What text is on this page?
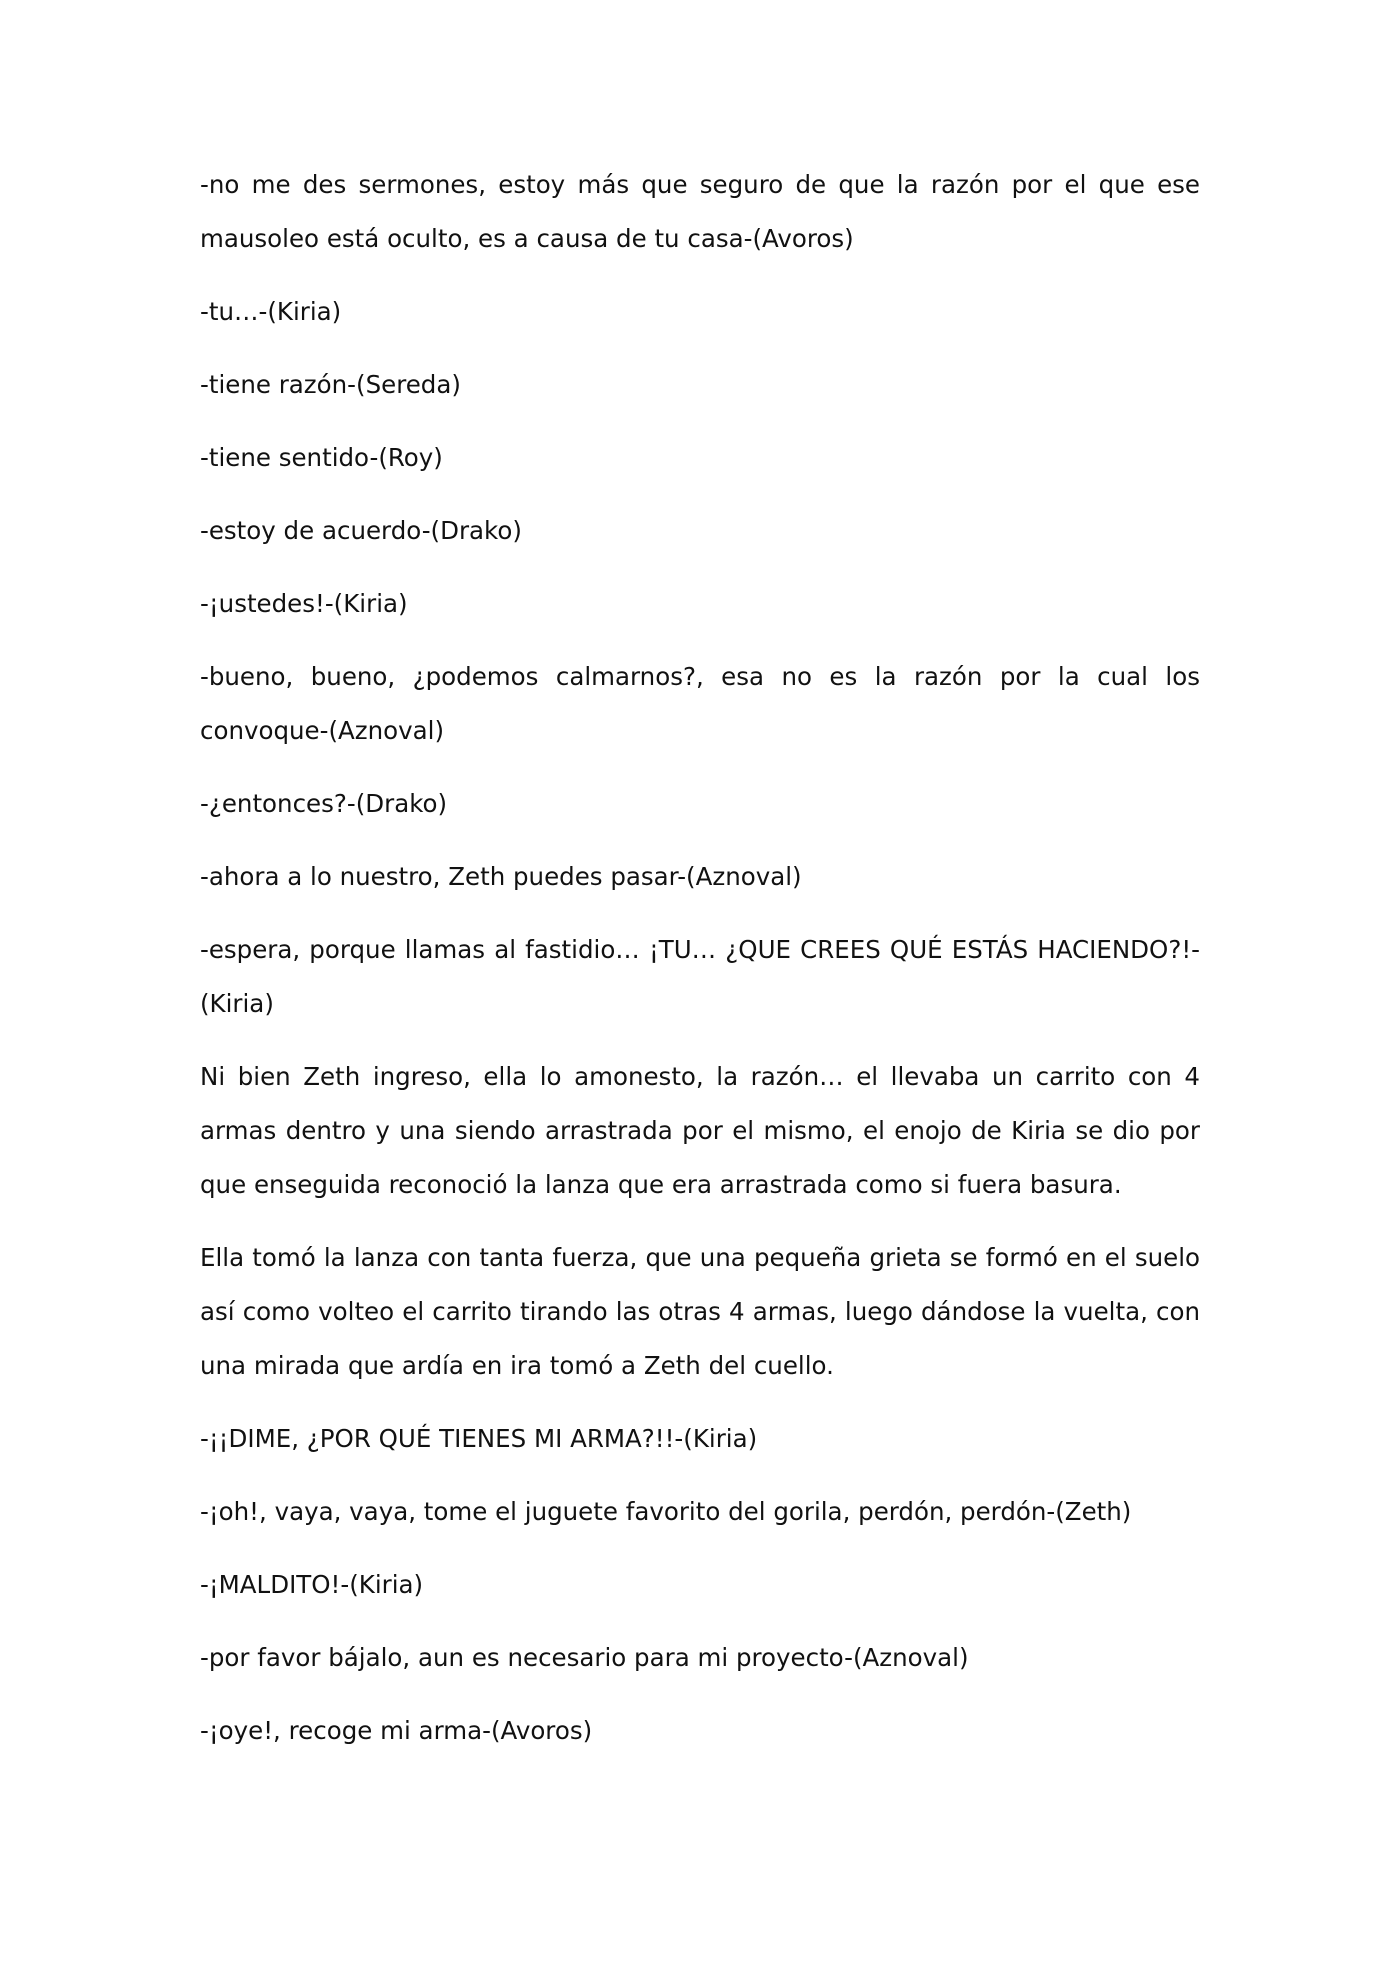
-no me des sermones, estoy más que seguro de que la razón por el que ese mausoleo está oculto, es a causa de tu casa-(Avoros)

-tu…-(Kiria)

-tiene razón-(Sereda)

-tiene sentido-(Roy)

-estoy de acuerdo-(Drako)

-¡ustedes!-(Kiria)

-bueno, bueno, ¿podemos calmarnos?, esa no es la razón por la cual los convoque-(Aznoval)

-¿entonces?-(Drako)

-ahora a lo nuestro, Zeth puedes pasar-(Aznoval)

-espera, porque llamas al fastidio… ¡TU… ¿QUE CREES QUÉ ESTÁS HACIENDO?!-(Kiria)

Ni bien Zeth ingreso, ella lo amonesto, la razón… el llevaba un carrito con 4 armas dentro y una siendo arrastrada por el mismo, el enojo de Kiria se dio por que enseguida reconoció la lanza que era arrastrada como si fuera basura.

Ella tomó la lanza con tanta fuerza, que una pequeña grieta se formó en el suelo así como volteo el carrito tirando las otras 4 armas, luego dándose la vuelta, con una mirada que ardía en ira tomó a Zeth del cuello.

-¡¡DIME, ¿POR QUÉ TIENES MI ARMA?!!-(Kiria)

-¡oh!, vaya, vaya, tome el juguete favorito del gorila, perdón, perdón-(Zeth)

-¡MALDITO!-(Kiria)

-por favor bájalo, aun es necesario para mi proyecto-(Aznoval)

-¡oye!, recoge mi arma-(Avoros)
